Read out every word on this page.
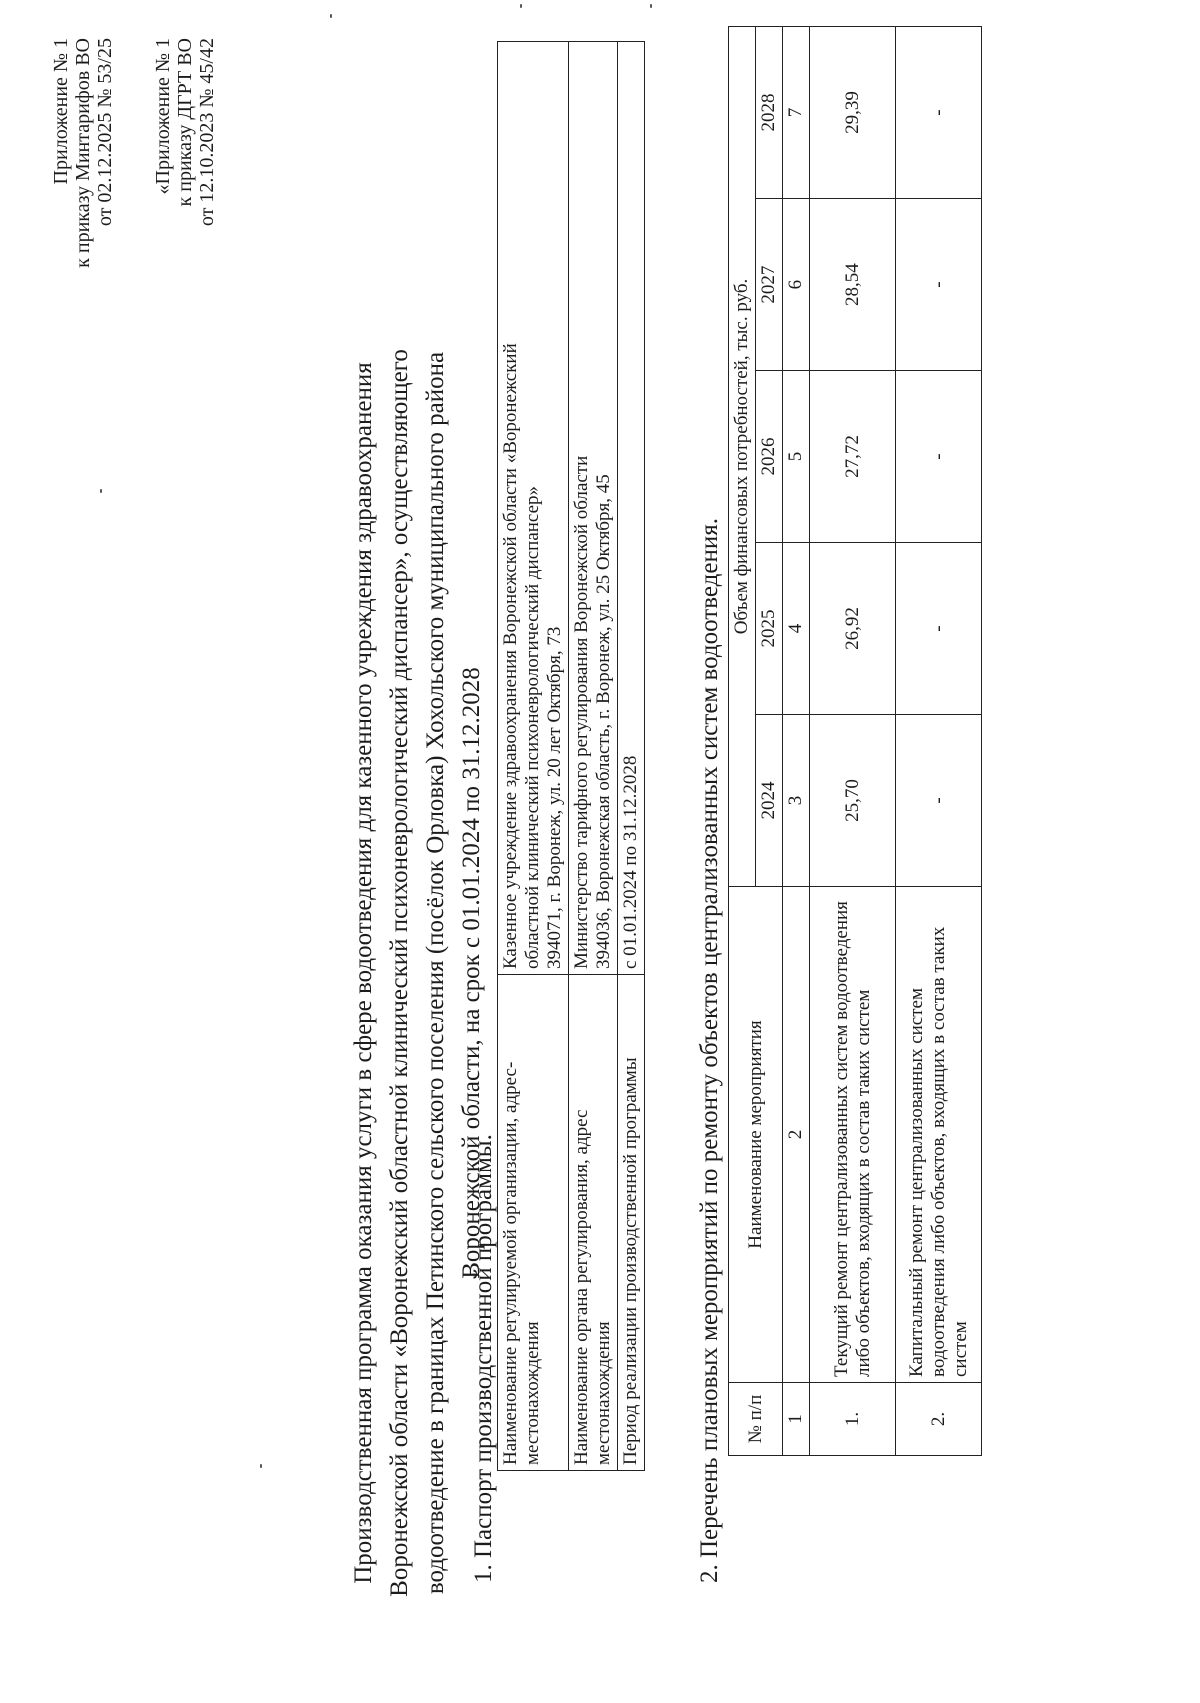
Приложение № 1 к приказу Минтарифов ВО от 02.12.2025 № 53/25 «Приложение № 1 к приказу ДГРТ ВО от 12.10.2023 № 45/42
Производственная программа оказания услуги в сфере водоотведения для казенного учреждения здравоохранения Воронежской области «Воронежский областной клинический психоневрологический диспансер», осуществляющего водоотведение в границах Петинского сельского поселения (посёлок Орловка) Хохольского муниципального района Воронежской области, на срок с 01.01.2024 по 31.12.2028
1. Паспорт производственной программы. Наименование регулируемой организации, адрес-местонахождения	Казенное учреждение здравоохранения Воронежской области «Воронежский областной клинический психоневрологический диспансер» 394071, г. Воронеж, ул. 20 лет Октября, 73

Наименование органа регулирования, адрес местонахождения	Министерство тарифного регулирования Воронежской области 394036, Воронежская область, г. Воронеж, ул. 25 Октября, 45

Период реализации производственной программы	с 01.01.2024 по 31.12.2028 2. Перечень плановых мероприятий по ремонту объектов централизованных систем водоотведения. № п/п	Наименование мероприятия	Объем финансовых потребностей, тыс. руб.				
		2024	2025	2026	2027	2028
1	2	3	4	5	6	7
1.	Текущий ремонт централизованных систем водоотведения либо объектов, входящих в состав таких систем	25,70	26,92	27,72	28,54	29,39
2.	Капитальный ремонт централизованных систем водоотведения либо объектов, входящих в состав таких систем	-	-	-	-	-
